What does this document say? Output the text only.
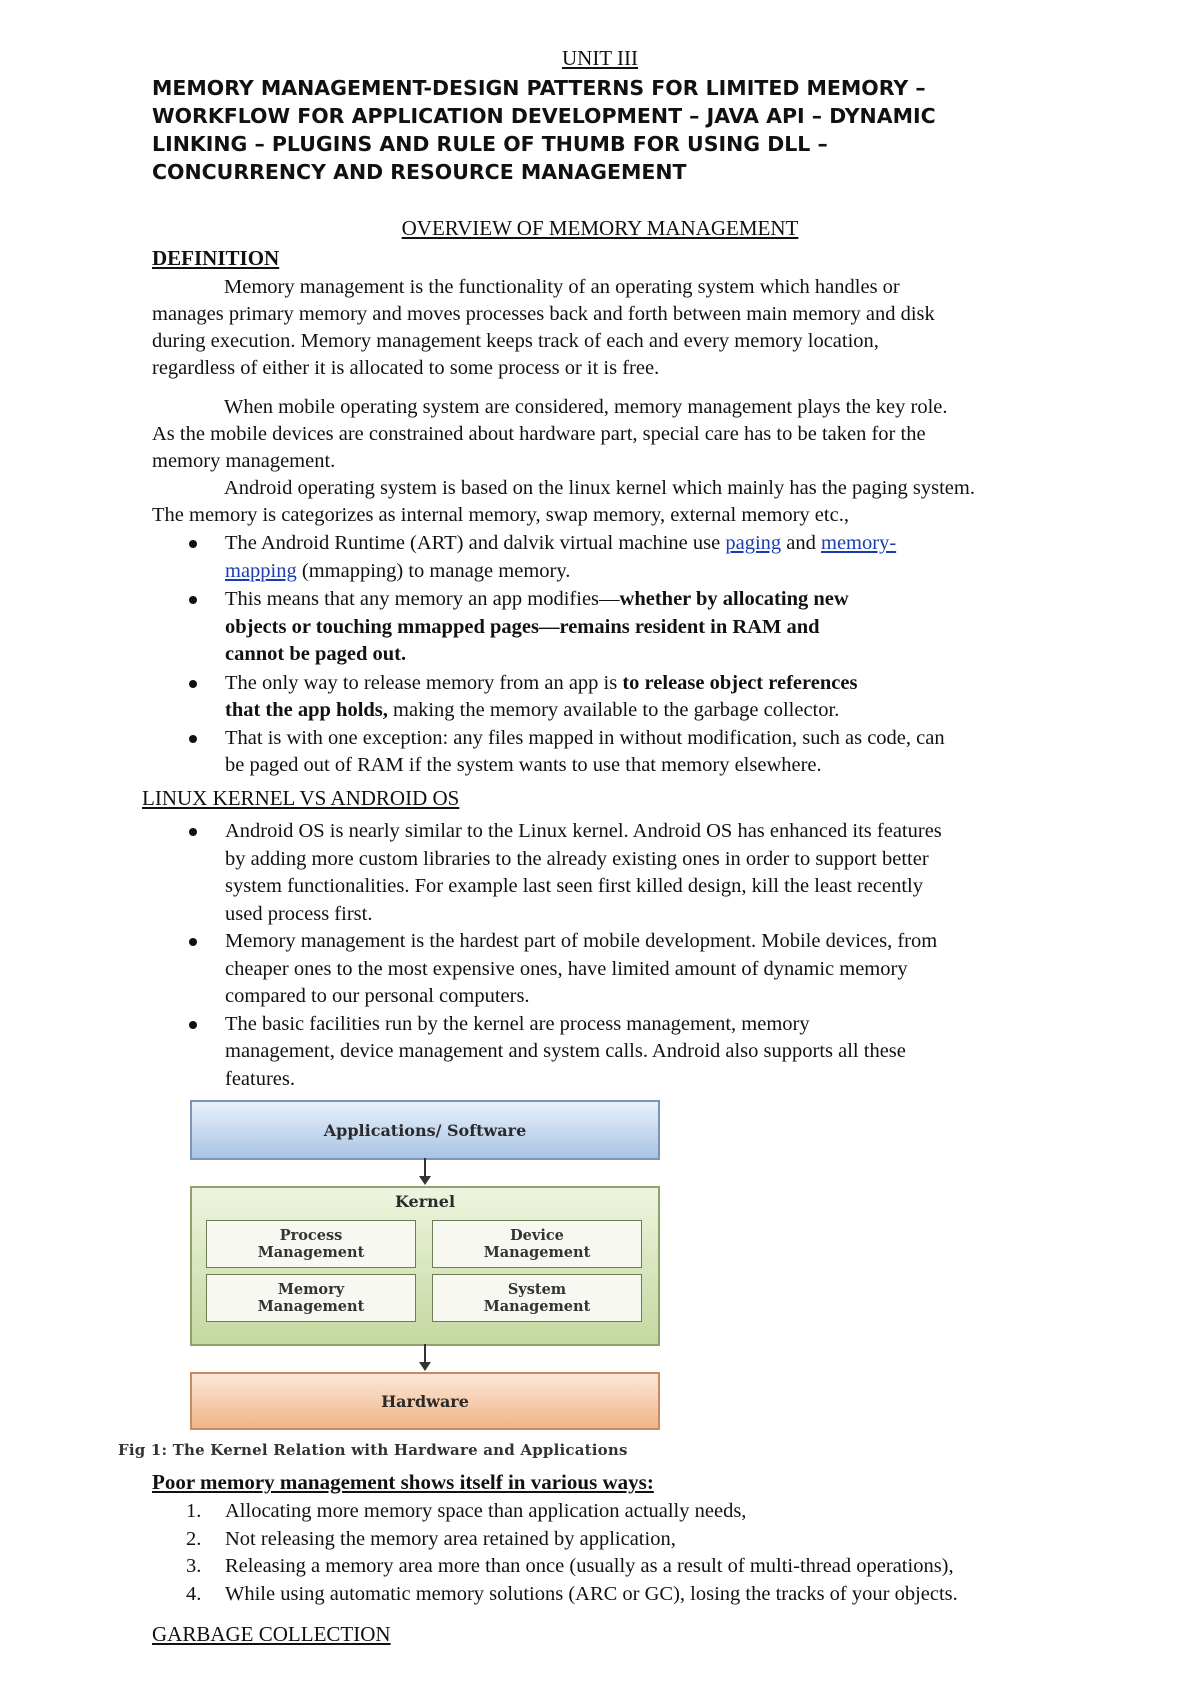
UNIT III
MEMORY MANAGEMENT-DESIGN PATTERNS FOR LIMITED MEMORY –
WORKFLOW FOR APPLICATION DEVELOPMENT – JAVA API – DYNAMIC
LINKING – PLUGINS AND RULE OF THUMB FOR USING DLL –
CONCURRENCY AND RESOURCE MANAGEMENT
OVERVIEW OF MEMORY MANAGEMENT
DEFINITION
Memory management is the functionality of an operating system which handles or
manages primary memory and moves processes back and forth between main memory and disk
during execution. Memory management keeps track of each and every memory location,
regardless of either it is allocated to some process or it is free.
When mobile operating system are considered, memory management plays the key role.
As the mobile devices are constrained about hardware part, special care has to be taken for the
memory management.
Android operating system is based on the linux kernel which mainly has the paging system.
The memory is categorizes as internal memory, swap memory, external memory etc.,
The Android Runtime (ART) and dalvik virtual machine use paging and memory-
mapping (mmapping) to manage memory.
This means that any memory an app modifies—whether by allocating new
objects or touching mmapped pages—remains resident in RAM and
cannot be paged out.
The only way to release memory from an app is to release object references
that the app holds, making the memory available to the garbage collector.
That is with one exception: any files mapped in without modification, such as code, can
be paged out of RAM if the system wants to use that memory elsewhere.
LINUX KERNEL VS ANDROID OS
Android OS is nearly similar to the Linux kernel. Android OS has enhanced its features
by adding more custom libraries to the already existing ones in order to support better
system functionalities. For example last seen first killed design, kill the least recently
used process first.
Memory management is the hardest part of mobile development. Mobile devices, from
cheaper ones to the most expensive ones, have limited amount of dynamic memory
compared to our personal computers.
The basic facilities run by the kernel are process management, memory
management, device management and system calls. Android also supports all these
features.
Applications/ Software
Kernel
Process
Management
Device
Management
Memory
Management
System
Management
Hardware
Fig 1: The Kernel Relation with Hardware and Applications
Poor memory management shows itself in various ways:
1. Allocating more memory space than application actually needs,
2. Not releasing the memory area retained by application,
3. Releasing a memory area more than once (usually as a result of multi-thread operations),
4. While using automatic memory solutions (ARC or GC), losing the tracks of your objects.
GARBAGE COLLECTION
